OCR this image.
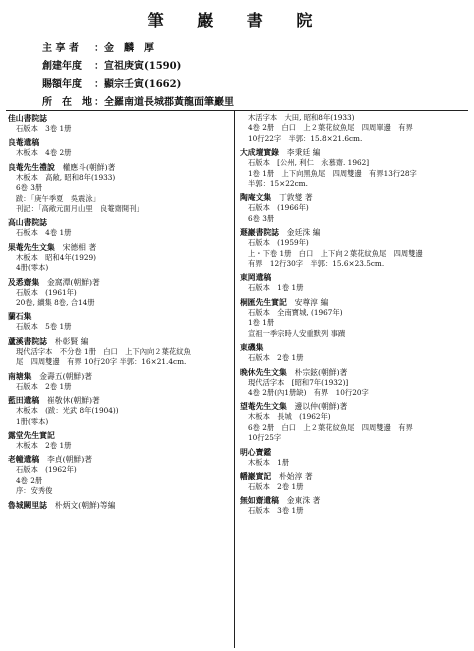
筆 巖 書 院
主 享 者	：金　麟　厚
創建年度	：宣祖庚寅(1590)
賜額年度	：顯宗壬寅(1662)
所　在　地 ：全羅南道長城郡黃龍面筆巖里
佳山書院誌
石版本　3卷 1册
良菴遺稿
木板本　4卷 2册
良菴先生禮說　 權應斗(朝鮮)著
木板本　高敞, 昭和8年(1933)
6卷 3册
跋：「庚午季夏　吳震泳」
刊記：「高敞元面月山里　良菴齋開刊」
高山書院誌
石板本　4卷 1册
果菴先生文集　 宋德相 著
木板本　昭和4年(1929)
4册(零本)
及悉齋集　 金窩潭(朝鮮)著
石版本　(1961年)
20卷, 續集 8卷, 合14册
蘭石集
石版本　5卷 1册
蘆溪書院誌　 朴彰賢 編
現代活字本　不分卷 1册　白口　上下內向２葉花紋魚
尾　四周雙邊　有界 10行20字 半郭：16×21.4cm.
南塘集　 金壽五(朝鮮)著
石版本　2卷 1册
藍田遺稿　 崔敬休(朝鮮)著
木板本　(跋：光武 8年(1904))
1册(零本)
露堂先生實記
木板本　2卷 1册
老幢遺稿　 李貞(朝鮮)著
石版本　(1962年)
4卷 2册
序：安秀俊
魯城闕里誌　 朴炳文(朝鮮)等編
木活字本　大田, 昭和8年(1933)
4卷 2册　白口　上２葉花紋魚尾　四周單邊　有界
10行22字　半郭：15.8×21.6cm.
大成壇實錄　 李秉廷 編
石版本　[公州, 利仁　永慕齋. 1962]
1卷 1册　上下向黑魚尾　四周雙邊　有界13行28字
半郭：15×22cm.
陶庵文集　 丁敦燮 著
石版本　(1966年)
6卷 3册
遯巖書院誌　 金廷洙 編
石版本　(1959年)
上・下卷 1册　白口　上下向２葉花紋魚尾　四周雙邊
有界　12行30字　半郭：15.6×23.5cm.
東岡遺稿
石版本　1卷 1册
桐匯先生實記　 安尊淳 編
石版本　全南寶城, (1967年)
1卷 1册
宣祖一季宗時人安重默列 事蹟
東磯集
石版本　2卷 1册
晚休先生文集　 朴宗鉉(朝鮮)著
現代活字本　[昭和7年(1932)]
4卷 2册(內1册缺)　有界　10行20字
望菴先生文集　 邊以仲(朝鮮)著
木板本　長城　(1962年)
6卷 2册　白口　上２葉花紋魚尾　四周雙邊　有界
10行25字
明心寶鑑
木板本　1册
幡巖實記　 朴始淳 著
石版本　2卷 1册
無如齋遺稿　 金東洙 著
石版本　3卷 1册
